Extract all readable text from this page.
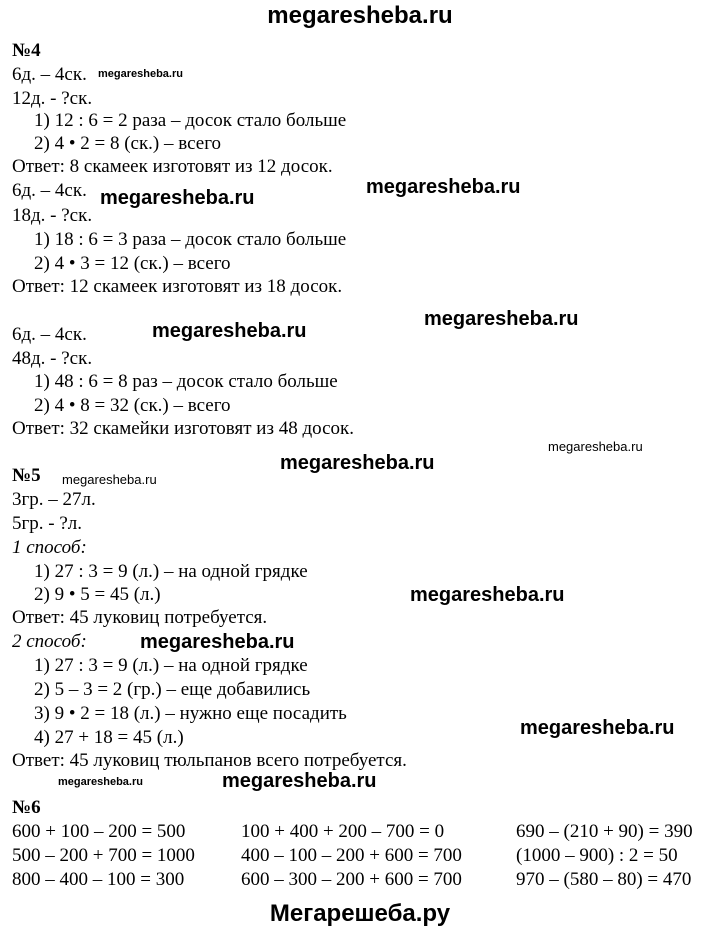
megaresheba.ru
№4
6д. – 4ск.
12д. - ?ск.
1) 12 : 6 = 2 раза – досок стало больше
2) 4 • 2 = 8 (ск.) – всего
Ответ: 8 скамеек изготовят из 12 досок.
6д. – 4ск.
18д. - ?ск.
1) 18 : 6 = 3 раза – досок стало больше
2) 4 • 3 = 12 (ск.) – всего
Ответ: 12 скамеек изготовят из 18 досок.
6д. – 4ск.
48д. - ?ск.
1) 48 : 6 = 8 раз – досок стало больше
2) 4 • 8 = 32 (ск.) – всего
Ответ: 32 скамейки изготовят из 48 досок.
№5
3гр. – 27л.
5гр. - ?л.
1 способ:
1) 27 : 3 = 9 (л.) – на одной грядке
2) 9 • 5 = 45 (л.)
Ответ: 45 луковиц потребуется.
2 способ:
1) 27 : 3 = 9 (л.) – на одной грядке
2) 5 – 3 = 2 (гр.) – еще добавились
3) 9 • 2 = 18 (л.) – нужно еще посадить
4) 27 + 18 = 45 (л.)
Ответ: 45 луковиц тюльпанов всего потребуется.
№6
600 + 100 – 200 = 500
500 – 200 + 700 = 1000
800 – 400 – 100 = 300
100 + 400 + 200 – 700 = 0
400 – 100 – 200 + 600 = 700
600 – 300 – 200 + 600 = 700
690 – (210 + 90) = 390
(1000 – 900) : 2 = 50
970 – (580 – 80) = 470
megaresheba.ru
megaresheba.ru
megaresheba.ru
megaresheba.ru
megaresheba.ru
megaresheba.ru
megaresheba.ru
megaresheba.ru
megaresheba.ru
megaresheba.ru
megaresheba.ru
megaresheba.ru
megaresheba.ru
Мегарешеба.ру
